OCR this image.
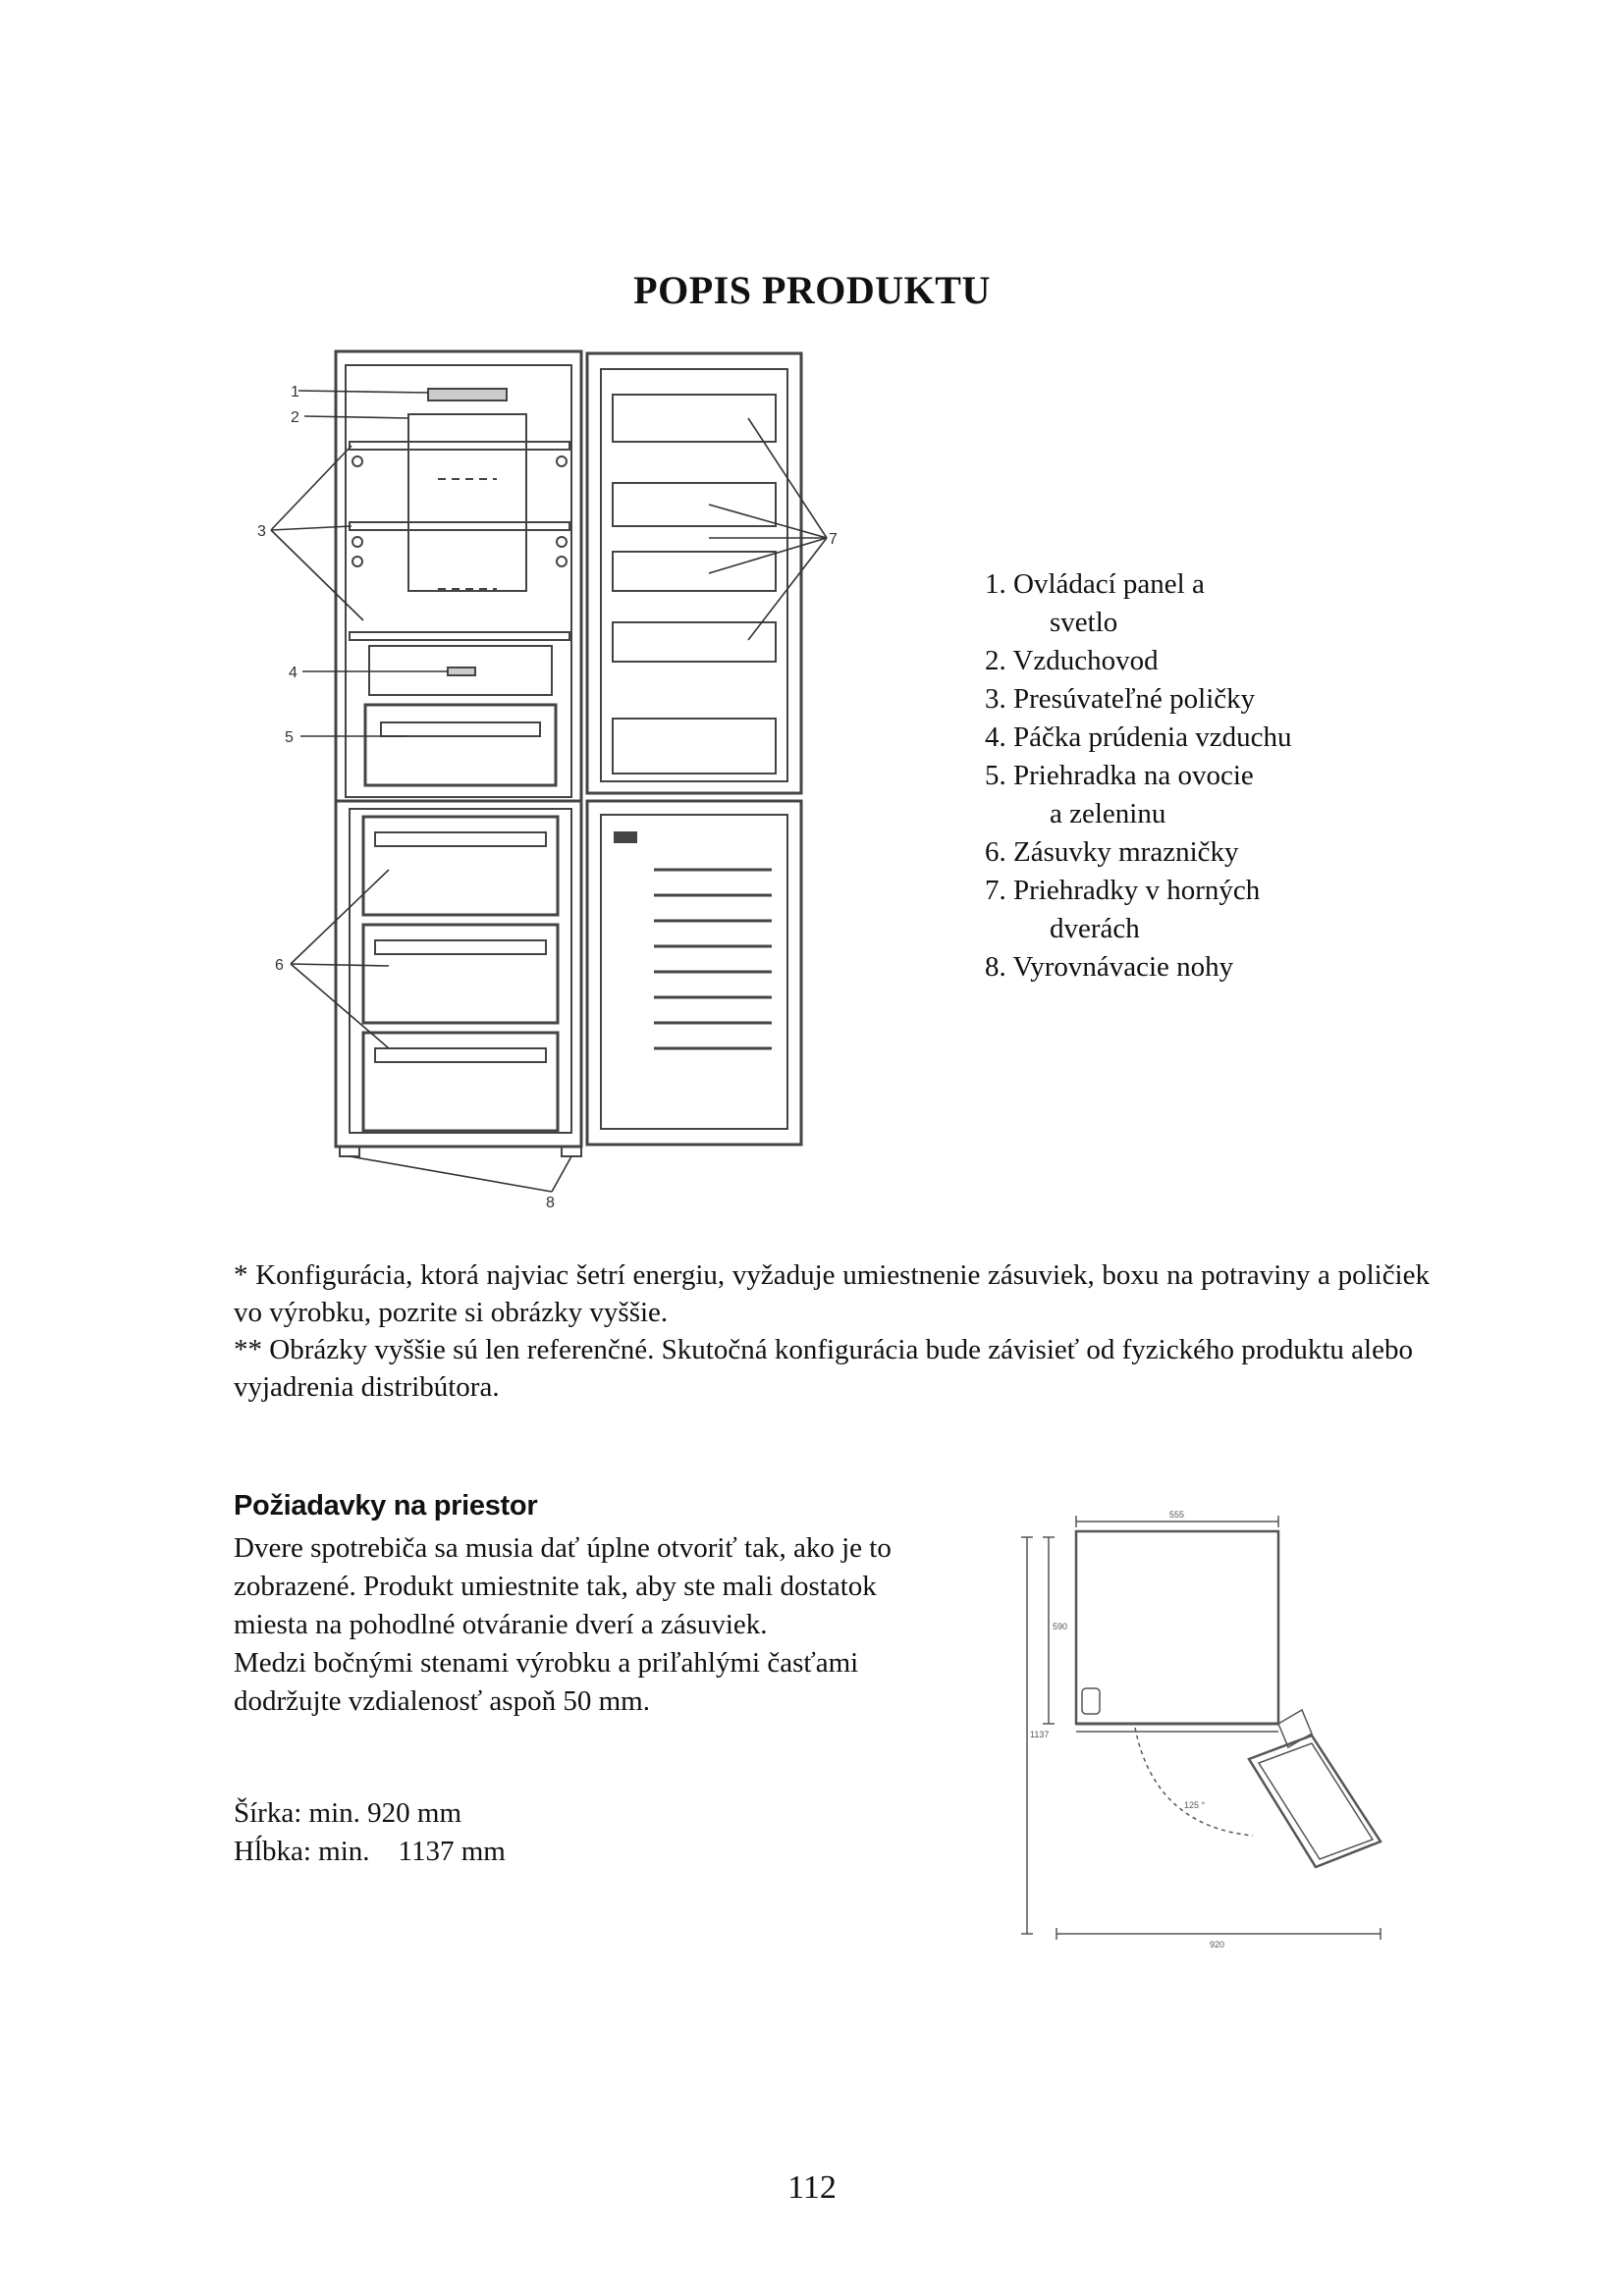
POPIS PRODUKTU
1
2
3
4
5
6
7
8
1. Ovládací panel a
svetlo
2. Vzduchovod
3. Presúvateľné poličky
4. Páčka prúdenia vzduchu
5. Priehradka na ovocie
a zeleninu
6. Zásuvky mrazničky
7. Priehradky v horných
dverách
8. Vyrovnávacie nohy

* Konfigurácia, ktorá najviac šetrí energiu, vyžaduje umiestnenie zásuviek, boxu na potraviny a poličiek vo výrobku, pozrite si obrázky vyššie.

** Obrázky vyššie sú len referenčné. Skutočná konfigurácia bude závisieť od fyzického produktu alebo vyjadrenia distribútora.

Požiadavky na priestor

Dvere spotrebiča sa musia dať úplne otvoriť tak, ako je to zobrazené. Produkt umiestnite tak, aby ste mali dostatok miesta na pohodlné otváranie dverí a zásuviek.

Medzi bočnými stenami výrobku a priľahlými časťami dodržujte vzdialenosť aspoň 50 mm.

Šírka: min. 920 mm

Hĺbka: min.    1137 mm

555
590
1137
125 °
920
112
